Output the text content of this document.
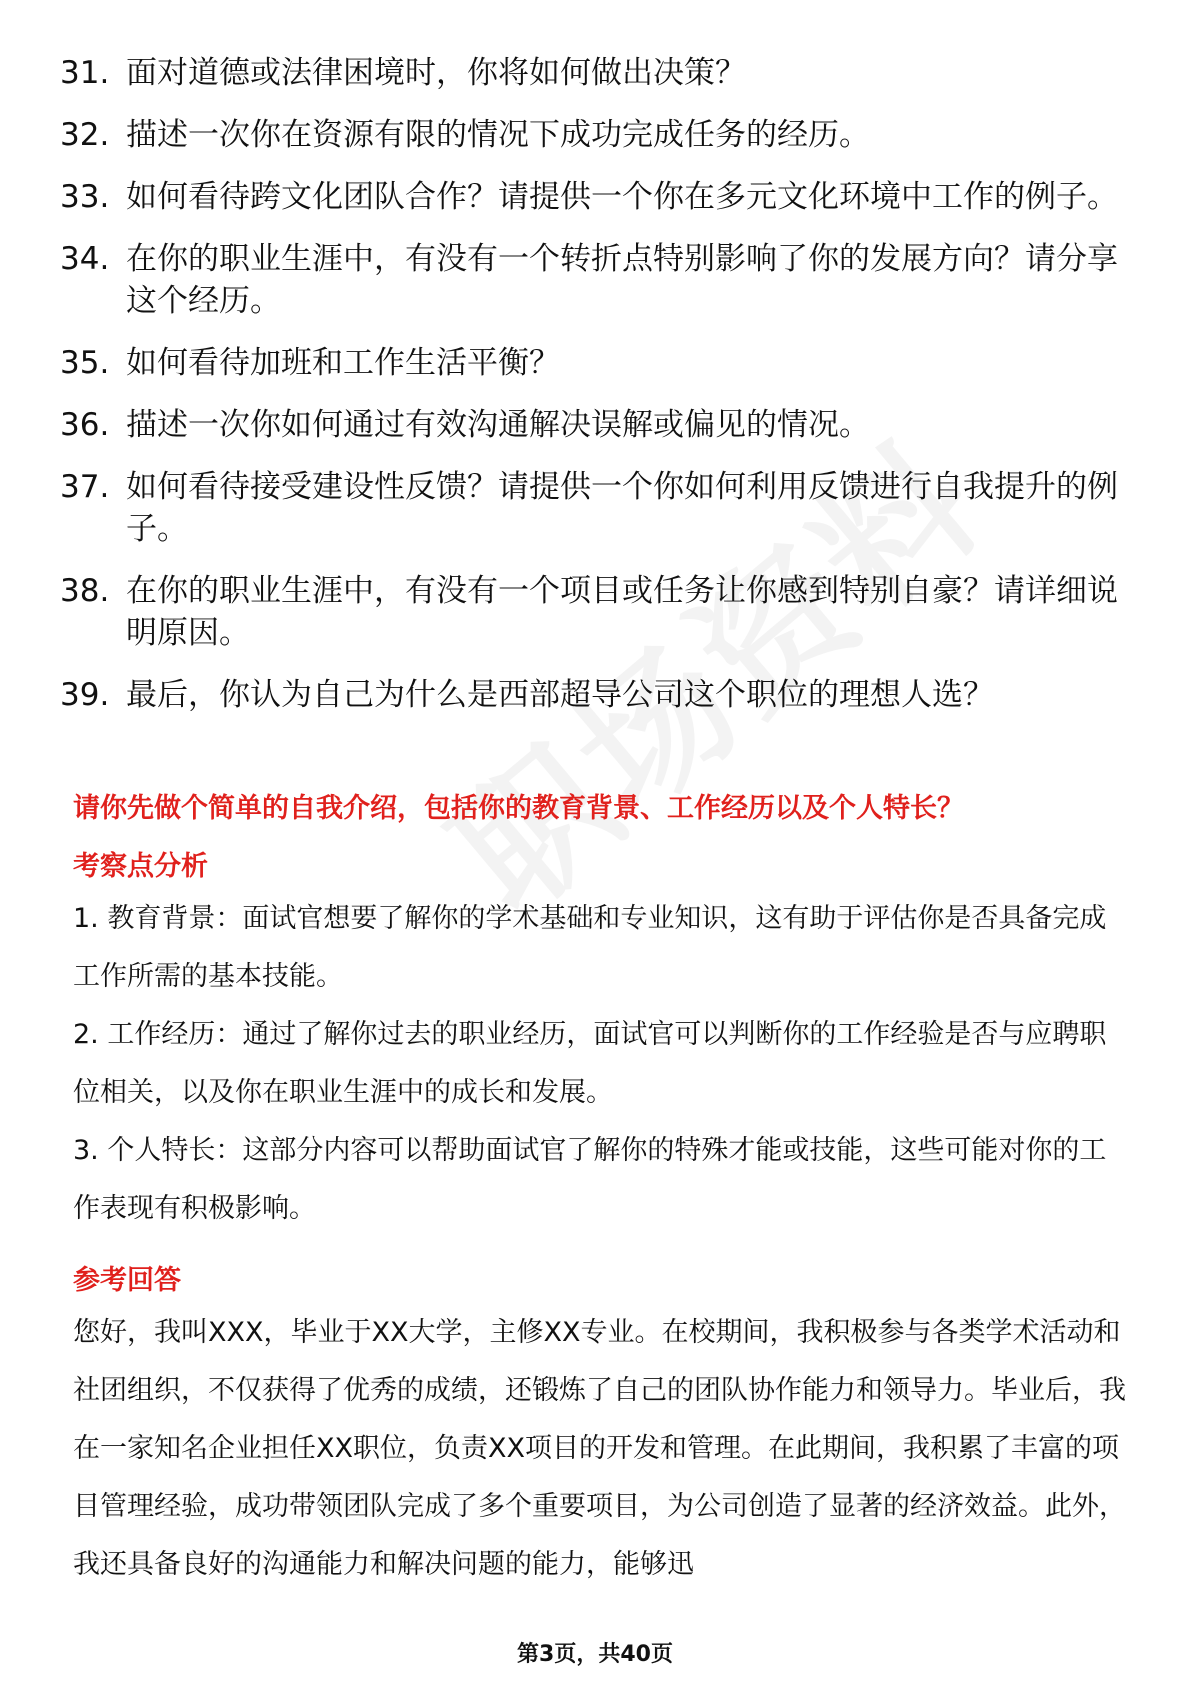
31. 面对道德或法律困境时，你将如何做出决策？
32. 描述一次你在资源有限的情况下成功完成任务的经历。
33. 如何看待跨文化团队合作？请提供一个你在多元文化环境中工作的例子。
34. 在你的职业生涯中，有没有一个转折点特别影响了你的发展方向？请分享这个经历。
35. 如何看待加班和工作生活平衡？
36. 描述一次你如何通过有效沟通解决误解或偏见的情况。
37. 如何看待接受建设性反馈？请提供一个你如何利用反馈进行自我提升的例子。
38. 在你的职业生涯中，有没有一个项目或任务让你感到特别自豪？请详细说明原因。
39. 最后，你认为自己为什么是西部超导公司这个职位的理想人选？
请你先做个简单的自我介绍，包括你的教育背景、工作经历以及个人特长？
考察点分析

1. 教育背景：面试官想要了解你的学术基础和专业知识，这有助于评估你是否具备完成工作所需的基本技能。

2. 工作经历：通过了解你过去的职业经历，面试官可以判断你的工作经验是否与应聘职位相关，以及你在职业生涯中的成长和发展。

3. 个人特长：这部分内容可以帮助面试官了解你的特殊才能或技能，这些可能对你的工作表现有积极影响。

参考回答

您好，我叫XXX，毕业于XX大学，主修XX专业。在校期间，我积极参与各类学术活动和社团组织，不仅获得了优秀的成绩，还锻炼了自己的团队协作能力和领导力。毕业后，我在一家知名企业担任XX职位，负责XX项目的开发和管理。在此期间，我积累了丰富的项目管理经验，成功带领团队完成了多个重要项目，为公司创造了显著的经济效益。此外，我还具备良好的沟通能力和解决问题的能力，能够迅

第3页，共40页
